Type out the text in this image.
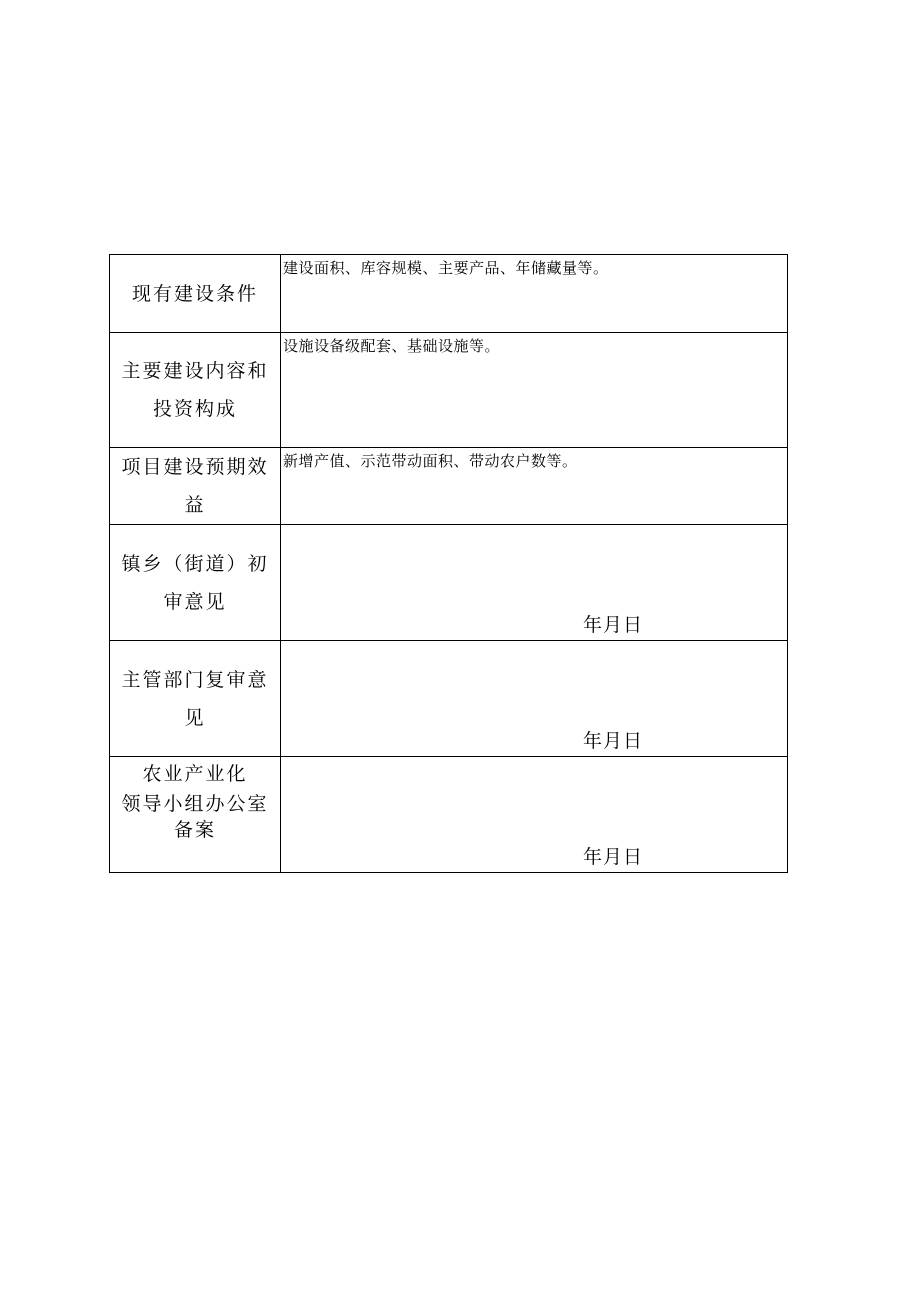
现有建设条件	建设面积、库容规模、主要产品、年储藏量等。

主要建设内容和
投资构成	设施设备级配套、基础设施等。

项目建设预期效
益	新增产值、示范带动面积、带动农户数等。

镇乡（街道）初
审意见	年月日

主管部门复审意
见	年月日

农业产业化
领导小组办公室
备案	年月日
